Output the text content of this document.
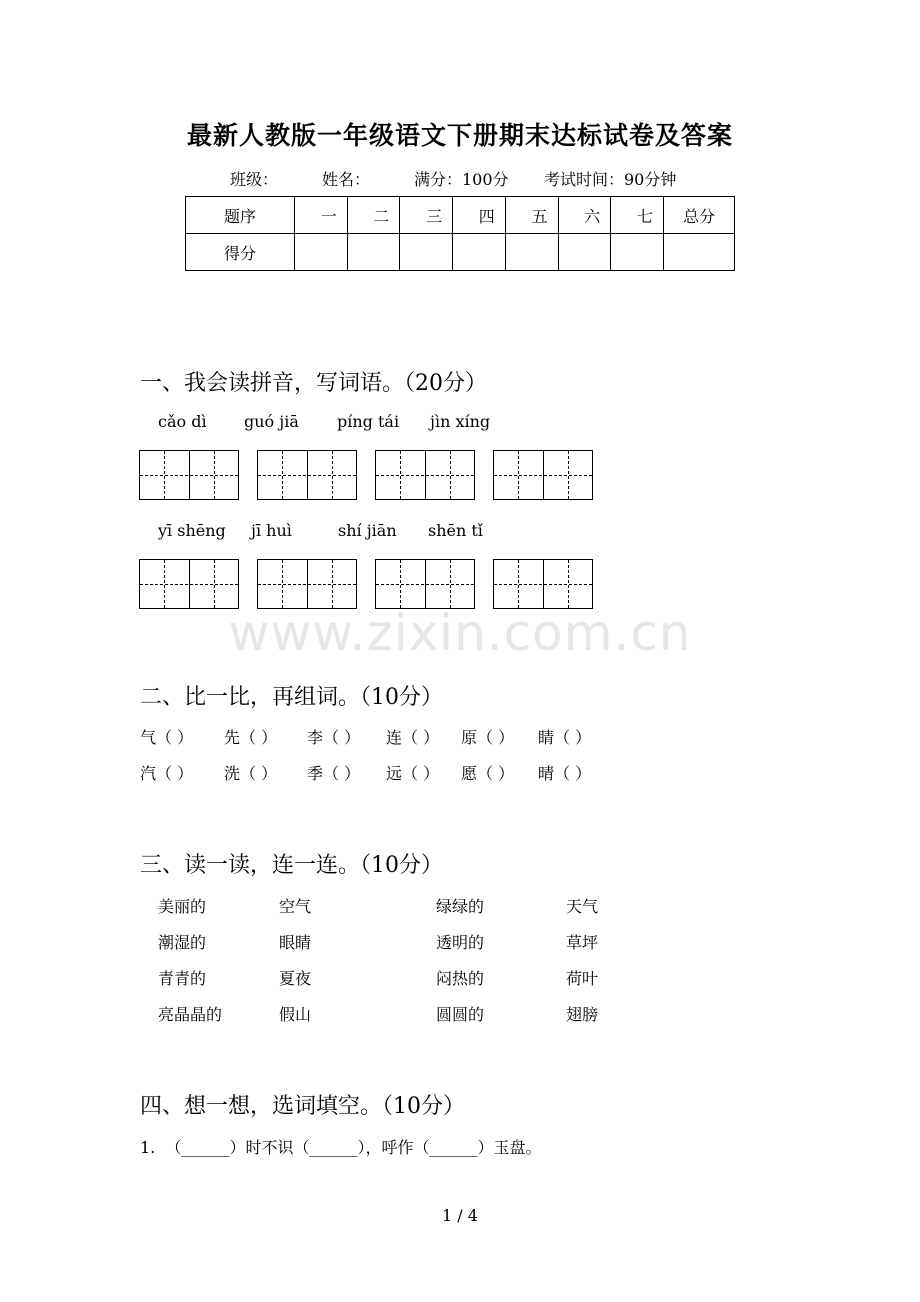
最新人教版一年级语文下册期末达标试卷及答案
班级：	姓名：	满分：100分 考试时间：90分钟
题序	一	二	三	四	五	六	七	总分
得分								
一、我会读拼音，写词语。（20分）
cǎo dì guó jiā píng tái jìn xíng
yī shēng jī huì	shí jiān shēn tǐ
www.zixin.com.cn
二、比一比，再组词。（10分）
气（ ） 先（ ） 李（ ） 连（ ） 原（ ） 睛（ ）
汽（ ） 洗（ ） 季（ ） 远（ ） 愿（ ） 晴（ ）
三、读一读，连一连。（10分）
美丽的	空气	绿绿的	天气
潮湿的	眼睛	透明的	草坪
青青的	夏夜	闷热的	荷叶
亮晶晶的	假山	圆圆的	翅膀
四、想一想，选词填空。（10分）
1.  （______）时不识（______），呼作（______）玉盘。
1 / 4
